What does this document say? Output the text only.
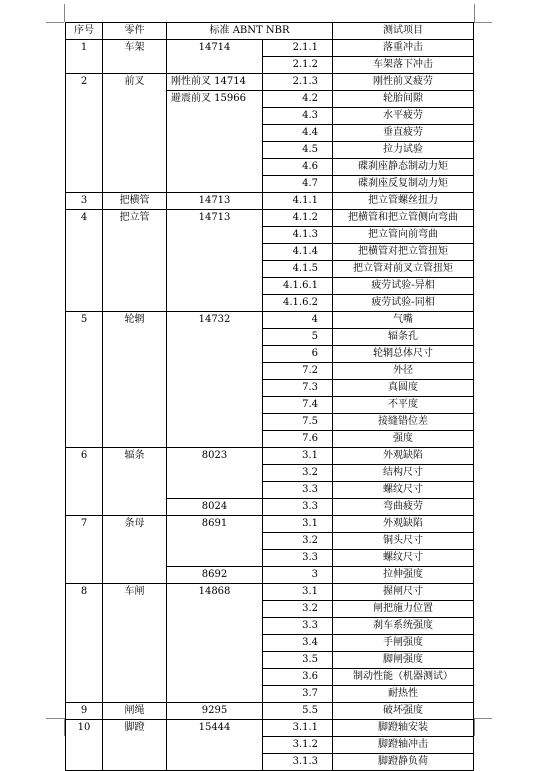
序号	零件	标准 ABNT NBR		测试项目
1	车架	14714	2.1.1	落重冲击
			2.1.2	车架落下冲击
2	前叉	刚性前叉 14714	2.1.3	刚性前叉疲劳
		避震前叉 15966	4.2	轮胎间隙
			4.3	水平疲劳
			4.4	垂直疲劳
			4.5	拉力试验
			4.6	碟刹座静态制动力矩
			4.7	碟刹座反复制动力矩
3	把横管	14713	4.1.1	把立管螺丝扭力
4	把立管	14713	4.1.2	把横管和把立管侧向弯曲
			4.1.3	把立管向前弯曲
			4.1.4	把横管对把立管扭矩
			4.1.5	把立管对前叉立管扭矩
			4.1.6.1	疲劳试验-异相
			4.1.6.2	疲劳试验-同相
5	轮辋	14732	4	气嘴
			5	辐条孔
			6	轮辋总体尺寸
			7.2	外径
			7.3	真圆度
			7.4	不平度
			7.5	接缝错位差
			7.6	强度
6	辐条	8023	3.1	外观缺陷
			3.2	结构尺寸
			3.3	螺纹尺寸
		8024	3.3	弯曲疲劳
7	条母	8691	3.1	外观缺陷
			3.2	铜头尺寸
			3.3	螺纹尺寸
		8692	3	拉伸强度
8	车闸	14868	3.1	握闸尺寸
			3.2	闸把施力位置
			3.3	刹车系统强度
			3.4	手闸强度
			3.5	脚闸强度
			3.6	制动性能（机器测试）
			3.7	耐热性
9	闸绳	9295	5.5	破坏强度
10	脚蹬	15444	3.1.1	脚蹬轴安装
			3.1.2	脚蹬轴冲击
			3.1.3	脚蹬静负荷
